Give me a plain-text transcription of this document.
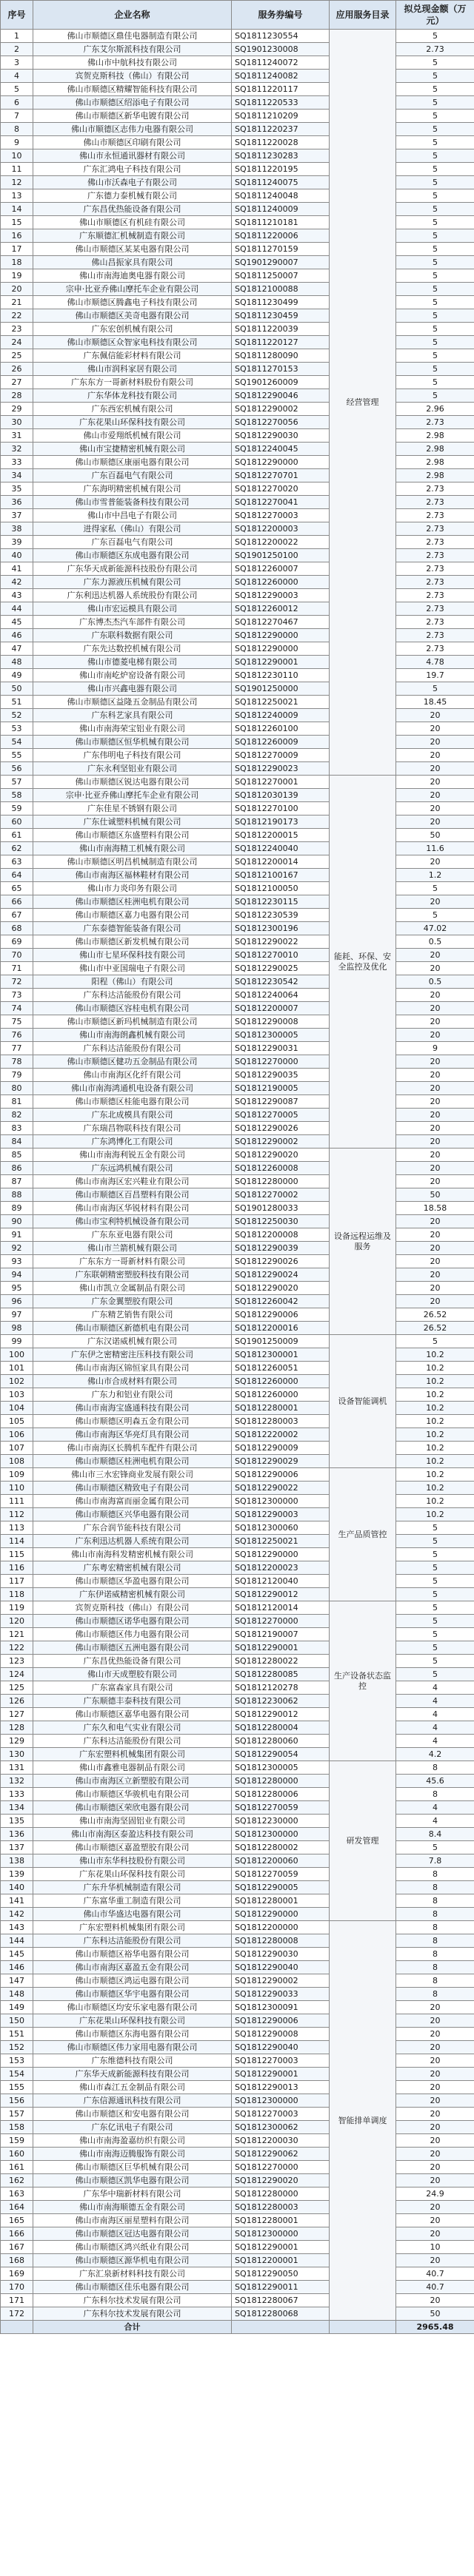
序号	企业名称	服务券编号	应用服务目录	拟兑现金额（万元）
1	佛山市顺德区鼎佳电器制造有限公司	SQ1811230554	经营管理	5
2	广东艾尔斯派科技有限公司	SQ1901230008		2.73
3	佛山市中航科技有限公司	SQ1811240072		5
4	宾贺克斯科技（佛山）有限公司	SQ1811240082		5
5	佛山市顺德区精耀智能科技有限公司	SQ1811220117		5
6	佛山市顺德区绍添电子有限公司	SQ1811220533		5
7	佛山市顺德区新华电镀有限公司	SQ1811210209		5
8	佛山市顺德区志伟力电器有限公司	SQ1811220237		5
9	佛山市顺德区印刷有限公司	SQ1811220028		5
10	佛山市永恒通讯器材有限公司	SQ1811230283		5
11	广东汇鸿电子科技有限公司	SQ1811220195		5
12	佛山市沃森电子有限公司	SQ1811240075		5
13	广东德力泰机械有限公司	SQ1811240048		5
14	广东昌优热能设备有限公司	SQ1811240009		5
15	佛山市顺德区有机硅有限公司	SQ1811210181		5
16	广东顺德汇机械制造有限公司	SQ1811220006		5
17	佛山市顺德区某某电器有限公司	SQ1811270159		5
18	佛山昌振家具有限公司	SQ1901290007		5
19	佛山市南海迪奥电器有限公司	SQ1811250007		5
20	宗申·比亚乔佛山摩托车企业有限公司	SQ1812100088		5
21	佛山市顺德区腾鑫电子科技有限公司	SQ1811230499		5
22	佛山市顺德区美奇电器有限公司	SQ1811230459		5
23	广东宏创机械有限公司	SQ1811220039		5
24	佛山市顺德区众智家电科技有限公司	SQ1811220127		5
25	广东佩信能彩材料有限公司	SQ1811280090		5
26	佛山市润科家居有限公司	SQ1811270153		5
27	广东东方一哥新材料股份有限公司	SQ1901260009		5
28	广东华体龙科技有限公司	SQ1812290046		5
29	广东西宏机械有限公司	SQ1812290002		2.96
30	广东花果山环保科技有限公司	SQ1812270056		2.73
31	佛山市爱翔纸机械有限公司	SQ1812290030		2.98
32	佛山市宝捷精密机械有限公司	SQ1812240045		2.98
33	佛山市顺德区康丽电器有限公司	SQ1812290000		2.98
34	广东百磊电气有限公司	SQ1812270701		2.98
35	广东海明精密机械有限公司	SQ1812270020		2.73
36	佛山市雪普能装备科技有限公司	SQ1812270041		2.73
37	佛山市中昌电子有限公司	SQ1812270003		2.73
38	进得家私（佛山）有限公司	SQ1812200003		2.73
39	广东百磊电气有限公司	SQ1812200022		2.73
40	佛山市顺德区东成电器有限公司	SQ1901250100		2.73
41	广东华天成新能源科技股份有限公司	SQ1812260007		2.73
42	广东力源液压机械有限公司	SQ1812260000		2.73
43	广东利迅达机器人系统股份有限公司	SQ1812290003		2.73
44	佛山市宏运模具有限公司	SQ1812260012		2.73
45	广东博杰杰汽车部件有限公司	SQ1812270467		2.73
46	广东联科数据有限公司	SQ1812290000		2.73
47	广东先达数控机械有限公司	SQ1812290000		2.73
48	佛山市德菱电梯有限公司	SQ1812290001		4.78
49	佛山市南屹炉窑设备有限公司	SQ1812230110		19.7
50	佛山市兴鑫电器有限公司	SQ1901250000		5
51	佛山市顺德区益隆五金制品有限公司	SQ1812250021		18.45
52	广东科艺家具有限公司	SQ1812240009		20
53	佛山市南海荣宝铝业有限公司	SQ1812260100		20
54	佛山市顺德区恒华机械有限公司	SQ1812260009		20
55	广东伟明电子科技有限公司	SQ1812270009		20
56	广东永利坚铝业有限公司	SQ1812290023		20
57	佛山市顺德区锐达电器有限公司	SQ1812270001	能耗、环保、安全监控及优化	20
58	宗申·比亚乔佛山摩托车企业有限公司	SQ1812030139		20
59	广东佳星不锈钢有限公司	SQ1812270100		20
60	广东仕诚塑料机械有限公司	SQ1812190173		20
61	佛山市顺德区东盛塑料有限公司	SQ1812200015		50
62	佛山市南海精工机械有限公司	SQ1812240040		11.6
63	佛山市顺德区明昌机械制造有限公司	SQ1812200014		20
64	佛山市南海区福林鞋材有限公司	SQ1812100167		1.2
65	佛山市力炎印务有限公司	SQ1812100050		5
66	佛山市顺德区桂洲电机有限公司	SQ1812230115		20
67	佛山市顺德区嘉力电器有限公司	SQ1812230539		5
68	广东泰德智能装备有限公司	SQ1812300196		47.02
69	佛山市顺德区新发机械有限公司	SQ1812290022		0.5
70	佛山市七星环保科技有限公司	SQ1812270010		20
71	佛山市中亚国瑞电子有限公司	SQ1812290025		20
72	阳程（佛山）有限公司	SQ1812230542		0.5
73	广东科达洁能股份有限公司	SQ1812240064		20
74	佛山市顺德区容桂电机有限公司	SQ1812200007		20
75	佛山市顺德区新玛机械制造有限公司	SQ1812290008		20
76	佛山市南海朗鑫机械有限公司	SQ1812300005		20
77	广东科达洁能股份有限公司	SQ1812290031		9
78	佛山市顺德区健功五金制品有限公司	SQ1812270000		20
79	佛山市南海区化纤有限公司	SQ1812290035		20
80	佛山市南海鸿通机电设备有限公司	SQ1812190005		20
81	佛山市顺德区桂能电器有限公司	SQ1812290087		20
82	广东北成模具有限公司	SQ1812270005		20
83	广东瑞昌物联科技有限公司	SQ1812290026		20
84	广东鸿博化工有限公司	SQ1812290002		20
85	佛山市南海利锐五金有限公司	SQ1812290020	设备远程运维及服务	20
86	广东远鸿机械有限公司	SQ1812260008		20
87	佛山市南海区宏兴鞋业有限公司	SQ1812280000		20
88	佛山市顺德区百昌塑料有限公司	SQ1812270002		50
89	佛山市南海区华锐材料有限公司	SQ1901280033		18.58
90	佛山市宝利特机械设备有限公司	SQ1812250030		20
91	广东东亚电器有限公司	SQ1812200008		20
92	佛山市兰箭机械有限公司	SQ1812290039		20
93	广东东方一哥新材料有限公司	SQ1812290026		20
94	广东联朝精密塑胶科技有限公司	SQ1812290024		20
95	佛山市凯立金属制品有限公司	SQ1812290020		20
96	广东金翼塑胶有限公司	SQ1812260042		20
97	广东精艺销售有限公司	SQ1812290006		26.52
98	佛山市顺德区新德机电有限公司	SQ1812200016		26.52
99	广东汉诺威机械有限公司	SQ1901250009	设备智能调机	5
100	广东伊之密精密注压科技有限公司	SQ1812300001		10.2
101	佛山市南海区锦恒家具有限公司	SQ1812260051		10.2
102	佛山市合成材料有限公司	SQ1812260000		10.2
103	广东力和铝业有限公司	SQ1812260000		10.2
104	佛山市南海宝盛通科技有限公司	SQ1812280001		10.2
105	佛山市顺德区明森五金有限公司	SQ1812280003		10.2
106	佛山市南海区华亮灯具有限公司	SQ1812220002		10.2
107	佛山市南海区长腾机车配件有限公司	SQ1812290009		10.2
108	佛山市顺德区桂洲电机有限公司	SQ1812290029		10.2
109	佛山市三水宏锋商业发展有限公司	SQ1812290006	生产品质管控	10.2
110	佛山市顺德区精致电子有限公司	SQ1812290022		10.2
111	佛山市南海富而丽金属有限公司	SQ1812300000		10.2
112	佛山市顺德区兴华电器有限公司	SQ1812290003		10.2
113	广东合润节能科技有限公司	SQ1812300060		5
114	广东利迅达机器人系统有限公司	SQ1812250021		5
115	佛山市南海科发精密机械有限公司	SQ1812290000		5
116	广东粤宏精密机械有限公司	SQ1812200023		5
117	佛山市顺德区华盈电器有限公司	SQ1812120040		5
118	广东伊诺威精密机械有限公司	SQ1812290012		5
119	宾贺克斯科技（佛山）有限公司	SQ1812120014	生产设备状态监控	5
120	佛山市顺德区诺华电器有限公司	SQ1812270000		5
121	佛山市顺德区伟力电器有限公司	SQ1812190007		5
122	佛山市顺德区五洲电器有限公司	SQ1812290001		5
123	广东昌优热能设备有限公司	SQ1812280022		5
124	佛山市天成塑胶有限公司	SQ1812280085		5
125	广东富森家具有限公司	SQ1812120278		4
126	广东顺德丰泰科技有限公司	SQ1812230062		4
127	佛山市顺德区嘉华电器有限公司	SQ1812290012		4
128	广东久和电气实业有限公司	SQ1812280004		4
129	广东科达洁能股份有限公司	SQ1812280060		4
130	广东宏塑料机械集团有限公司	SQ1812290054		4.2
131	佛山市鑫雅电器制品有限公司	SQ1812300005	研发管理	8
132	佛山市南海区立新塑胶有限公司	SQ1812280000		45.6
133	佛山市顺德区华骏机电有限公司	SQ1812280006		8
134	佛山市顺德区荣欣电器有限公司	SQ1812270059		4
135	佛山市南海坚固铝业有限公司	SQ1812230000		4
136	佛山市南海区泰盈达科技有限公司	SQ1812300000		8.4
137	佛山市顺德区嘉盈塑胶有限公司	SQ1812280002		5
138	佛山市东华科技股份有限公司	SQ1812200060		7.8
139	广东花果山环保科技有限公司	SQ1812270059		8
140	广东升华机械制造有限公司	SQ1812290005		8
141	广东富华重工制造有限公司	SQ1812280001		8
142	佛山市华盛达电器有限公司	SQ1812290000		8
143	广东宏塑料机械集团有限公司	SQ1812200000	智能排单调度	8
144	广东科达洁能股份有限公司	SQ1812280008		8
145	佛山市顺德区裕华电器有限公司	SQ1812290030		8
146	佛山市南海区嘉盈五金有限公司	SQ1812290040		8
147	佛山市顺德区鸿运电器有限公司	SQ1812290002		8
148	佛山市顺德区华宇电器有限公司	SQ1812290033		8
149	佛山市顺德区均安乐家电器有限公司	SQ1812300091		20
150	广东花果山环保科技有限公司	SQ1812290006		20
151	佛山市顺德区东海电器有限公司	SQ1812290008		20
152	佛山市顺德区伟力家用电器有限公司	SQ1812290040		20
153	广东维德科技有限公司	SQ1812270003		20
154	广东华天成新能源科技有限公司	SQ1812290001		20
155	佛山市森江五金制品有限公司	SQ1812290013		20
156	广东信源通讯科技有限公司	SQ1812300000		20
157	佛山市顺德区和安电器有限公司	SQ1812270003		20
158	广东亿讯电子有限公司	SQ1812300062		20
159	佛山市南海盈嘉纺织有限公司	SQ1812200030		20
160	佛山市南海迈腾服饰有限公司	SQ1812290062		20
161	佛山市顺德区巨华机械有限公司	SQ1812270000		20
162	佛山市顺德区凯华电器有限公司	SQ1812290020		20
163	广东华中瑞新材料有限公司	SQ1812280000		24.9
164	佛山市南海顺德五金有限公司	SQ1812280003		20
165	佛山市南海区丽星塑料有限公司	SQ1812280001		20
166	佛山市顺德区冠达电器有限公司	SQ1812300000		20
167	佛山市顺德区鸿兴纸业有限公司	SQ1812290001		10
168	佛山市顺德区源华机电有限公司	SQ1812200001		20
169	广东汇泉新材料科技有限公司	SQ1812290050		40.7
170	佛山市顺德区佳乐电器有限公司	SQ1812290011		40.7
171	广东科尔技术发展有限公司	SQ1812280067		20
172	广东科尔技术发展有限公司	SQ1812280068		50
	合计			2965.48
